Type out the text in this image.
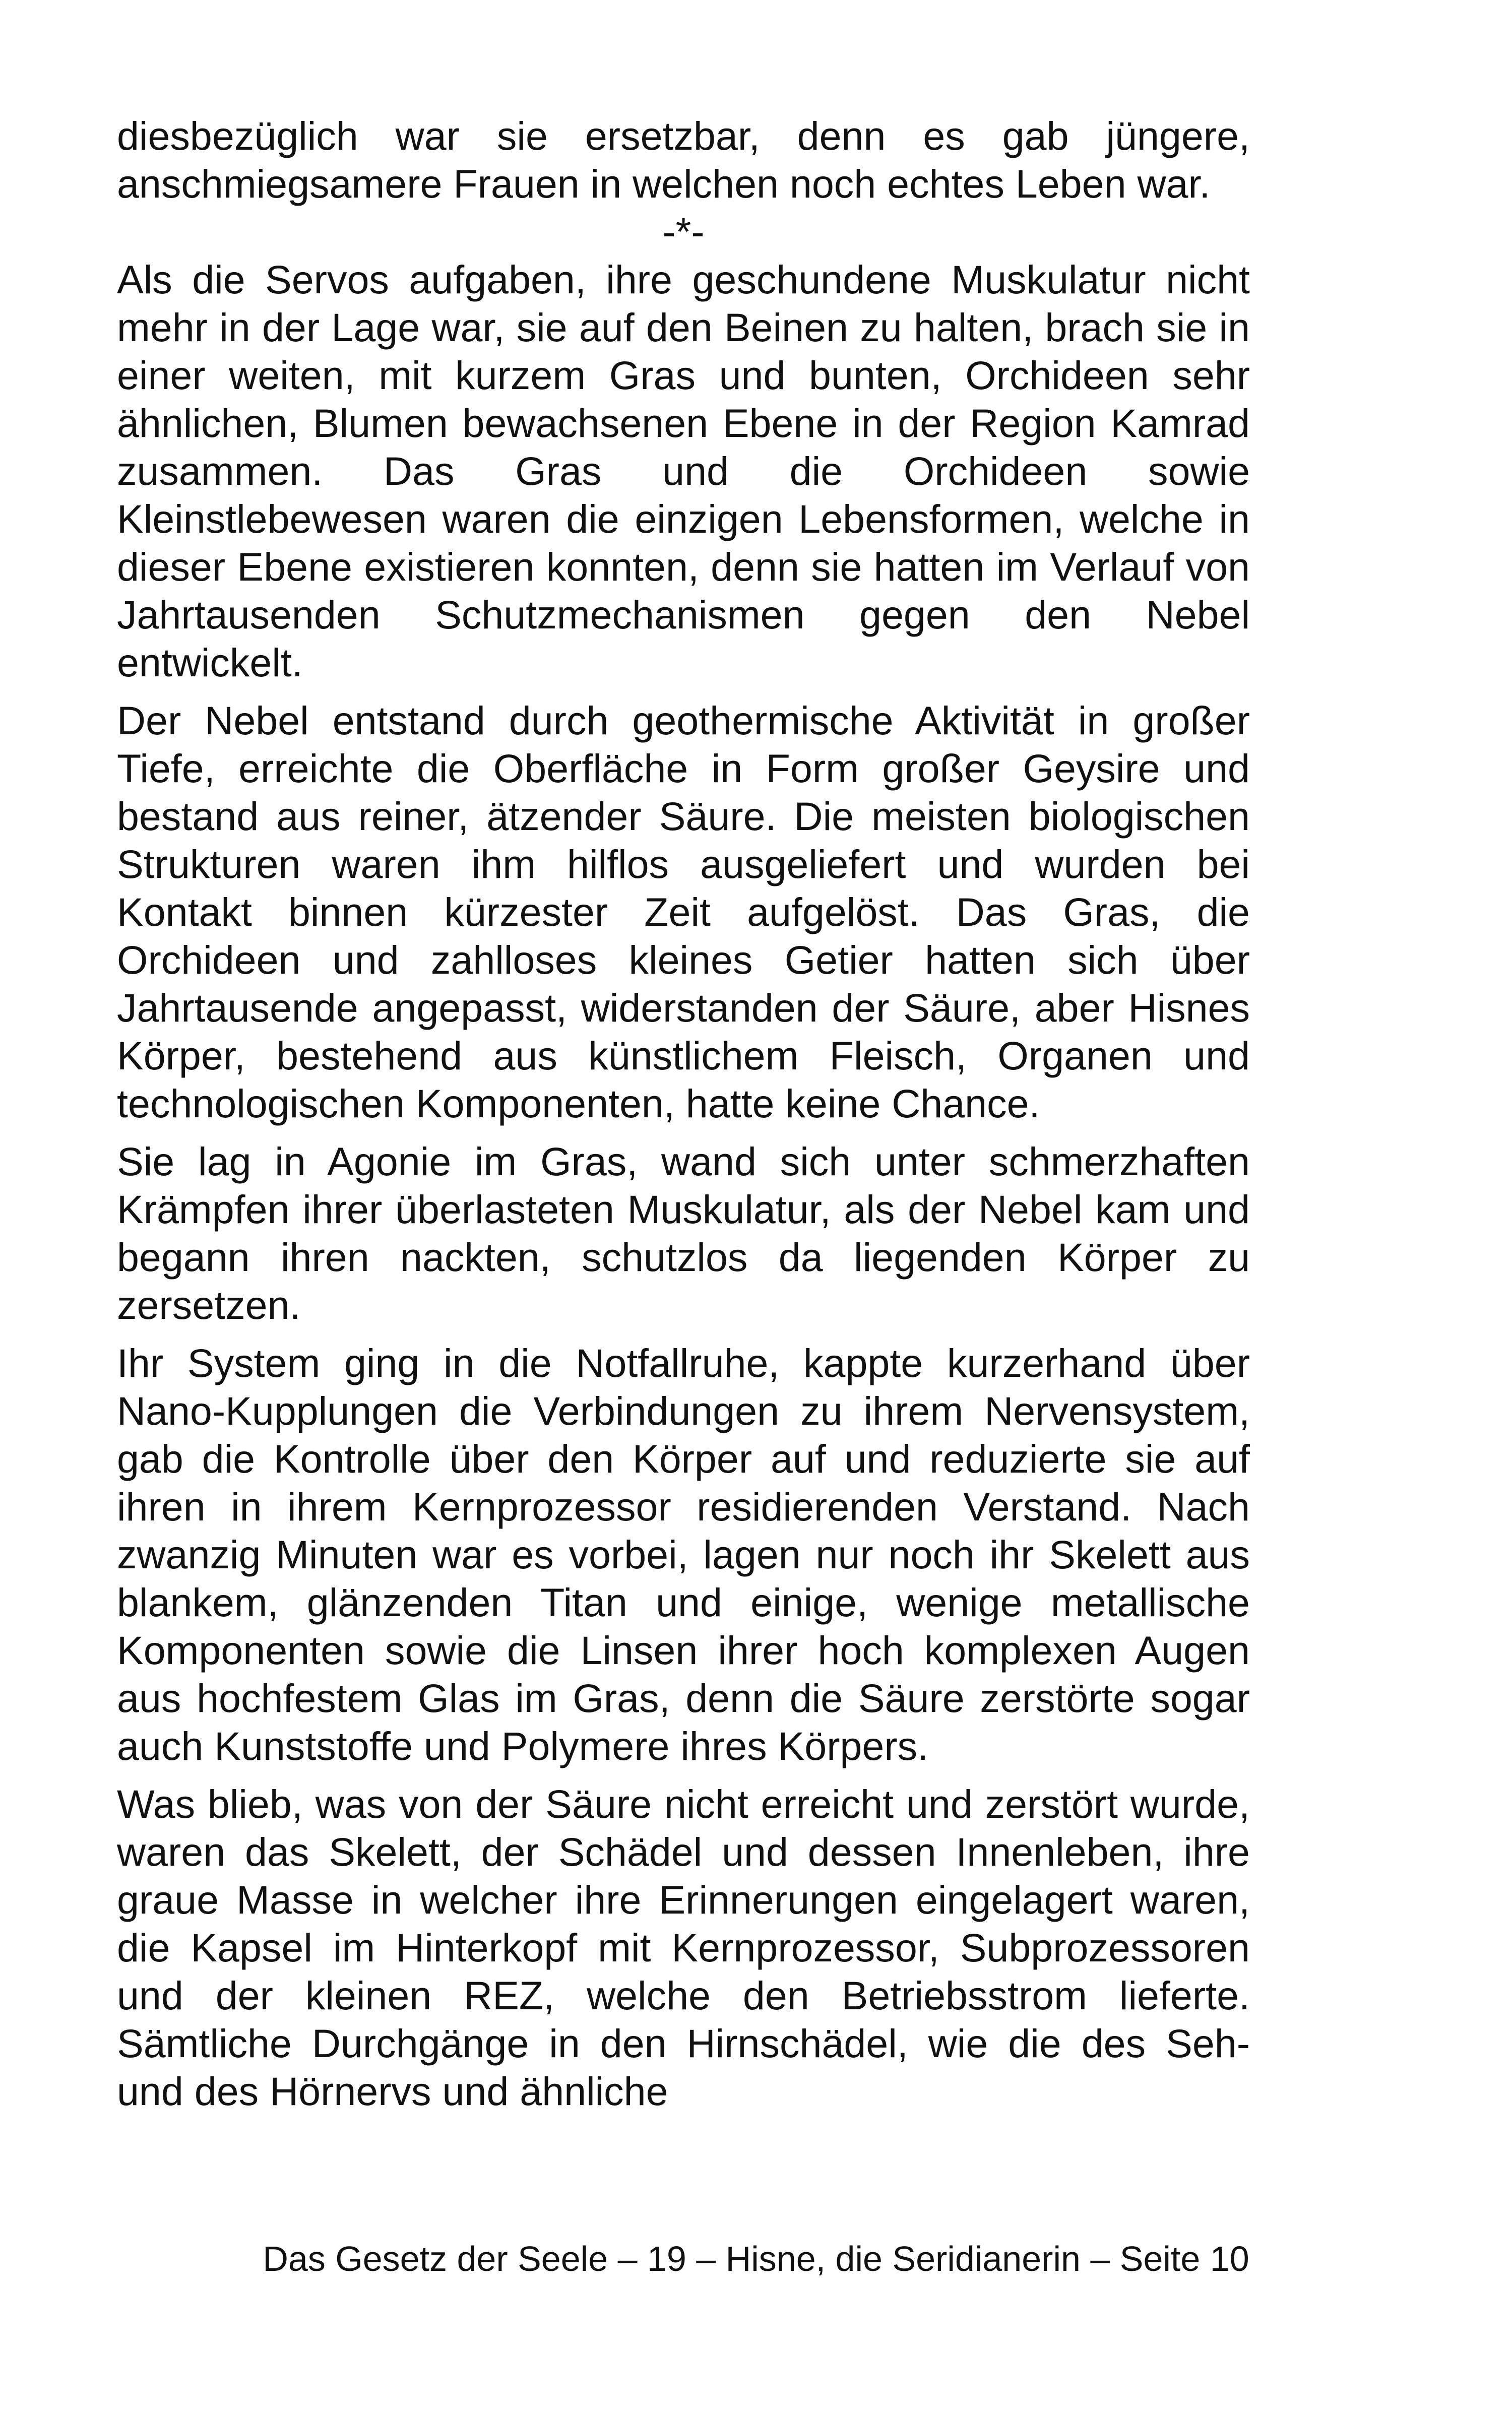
diesbezüglich war sie ersetzbar, denn es gab jüngere, anschmiegsamere Frauen in welchen noch echtes Leben war.

-*-

Als die Servos aufgaben, ihre geschundene Muskulatur nicht mehr in der Lage war, sie auf den Beinen zu halten, brach sie in einer weiten, mit kurzem Gras und bunten, Orchideen sehr ähnlichen, Blumen bewachsenen Ebene in der Region Kamrad zusammen. Das Gras und die Orchideen sowie Kleinstlebewesen waren die einzigen Lebensformen, welche in dieser Ebene existieren konnten, denn sie hatten im Verlauf von Jahrtausenden Schutzmechanismen gegen den Nebel entwickelt.

Der Nebel entstand durch geothermische Aktivität in großer Tiefe, erreichte die Oberfläche in Form großer Geysire und bestand aus reiner, ätzender Säure. Die meisten biologischen Strukturen waren ihm hilflos ausgeliefert und wurden bei Kontakt binnen kürzester Zeit aufgelöst. Das Gras, die Orchideen und zahlloses kleines Getier hatten sich über Jahrtausende angepasst, widerstanden der Säure, aber Hisnes Körper, bestehend aus künstlichem Fleisch, Organen und technologischen Komponenten, hatte keine Chance.

Sie lag in Agonie im Gras, wand sich unter schmerzhaften Krämpfen ihrer überlasteten Muskulatur, als der Nebel kam und begann ihren nackten, schutzlos da liegenden Körper zu zersetzen.

Ihr System ging in die Notfallruhe, kappte kurzerhand über Nano-Kupplungen die Verbindungen zu ihrem Nervensystem, gab die Kontrolle über den Körper auf und reduzierte sie auf ihren in ihrem Kernprozessor residierenden Verstand. Nach zwanzig Minuten war es vorbei, lagen nur noch ihr Skelett aus blankem, glänzenden Titan und einige, wenige metallische Komponenten sowie die Linsen ihrer hoch komplexen Augen aus hochfestem Glas im Gras, denn die Säure zerstörte sogar auch Kunststoffe und Polymere ihres Körpers.

Was blieb, was von der Säure nicht erreicht und zerstört wurde, waren das Skelett, der Schädel und dessen Innenleben, ihre graue Masse in welcher ihre Erinnerungen eingelagert waren, die Kapsel im Hinterkopf mit Kernprozessor, Subprozessoren und der kleinen REZ, welche den Betriebsstrom lieferte. Sämtliche Durchgänge in den Hirnschädel, wie die des Seh- und des Hörnervs und ähnliche

Das Gesetz der Seele – 19 – Hisne, die Seridianerin – Seite 10
